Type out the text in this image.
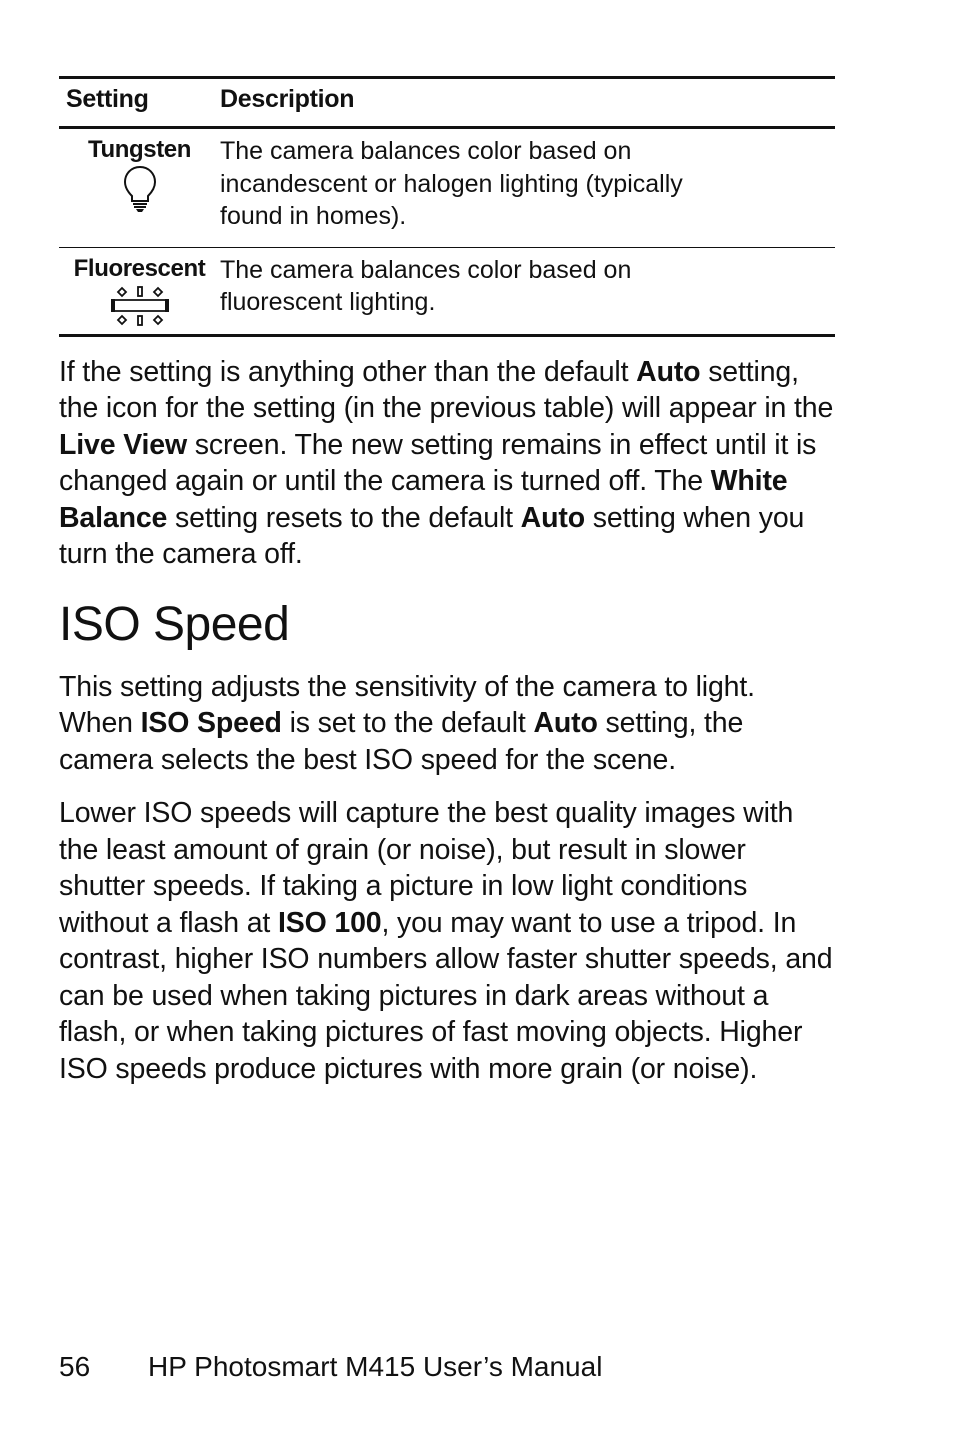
Setting	Description

Tungsten	The camera balances color based on
incandescent or halogen lighting (typically
found in homes).

Fluorescent	The camera balances color based on
fluorescent lighting.

If the setting is anything other than the default Auto setting, the icon for the setting (in the previous table) will appear in the Live View screen. The new setting remains in effect until it is changed again or until the camera is turned off. The White Balance setting resets to the default Auto setting when you turn the camera off.

ISO Speed

This setting adjusts the sensitivity of the camera to light. When ISO Speed is set to the default Auto setting, the camera selects the best ISO speed for the scene.

Lower ISO speeds will capture the best quality images with the least amount of grain (or noise), but result in slower shutter speeds. If taking a picture in low light conditions without a flash at ISO 100, you may want to use a tripod. In contrast, higher ISO numbers allow faster shutter speeds, and can be used when taking pictures in dark areas without a flash, or when taking pictures of fast moving objects. Higher ISO speeds produce pictures with more grain (or noise).

56 HP Photosmart M415 User’s Manual
